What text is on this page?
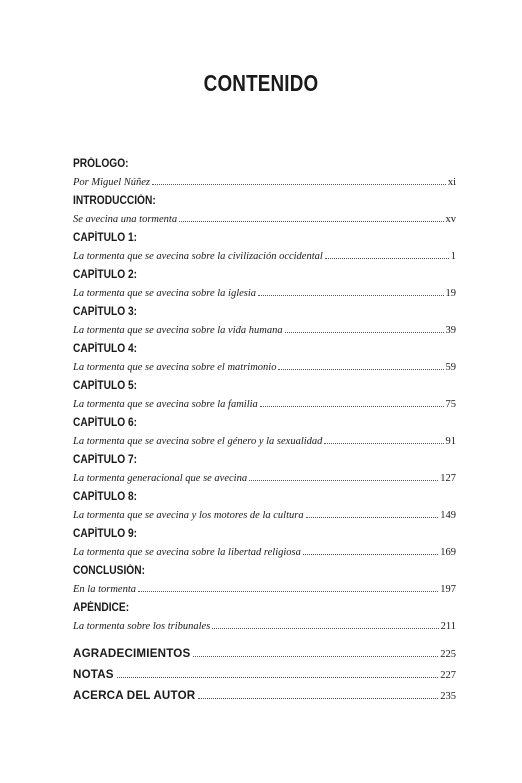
CONTENIDO
PRÓLOGO:
Por Miguel Núñez	xi
INTRODUCCIÓN:
Se avecina una tormenta	xv
CAPÍTULO 1:
La tormenta que se avecina sobre la civilización occidental	1
CAPÍTULO 2:
La tormenta que se avecina sobre la iglesia	19
CAPÍTULO 3:
La tormenta que se avecina sobre la vida humana	39
CAPÍTULO 4:
La tormenta que se avecina sobre el matrimonio	59
CAPÍTULO 5:
La tormenta que se avecina sobre la familia	75
CAPÍTULO 6:
La tormenta que se avecina sobre el género y la sexualidad	91
CAPÍTULO 7:
La tormenta generacional que se avecina	127
CAPÍTULO 8:
La tormenta que se avecina y los motores de la cultura	149
CAPÍTULO 9:
La tormenta que se avecina sobre la libertad religiosa	169
CONCLUSIÓN:
En la tormenta	197
APÉNDICE:
La tormenta sobre los tribunales	211
AGRADECIMIENTOS	225
NOTAS	227
ACERCA DEL AUTOR	235
